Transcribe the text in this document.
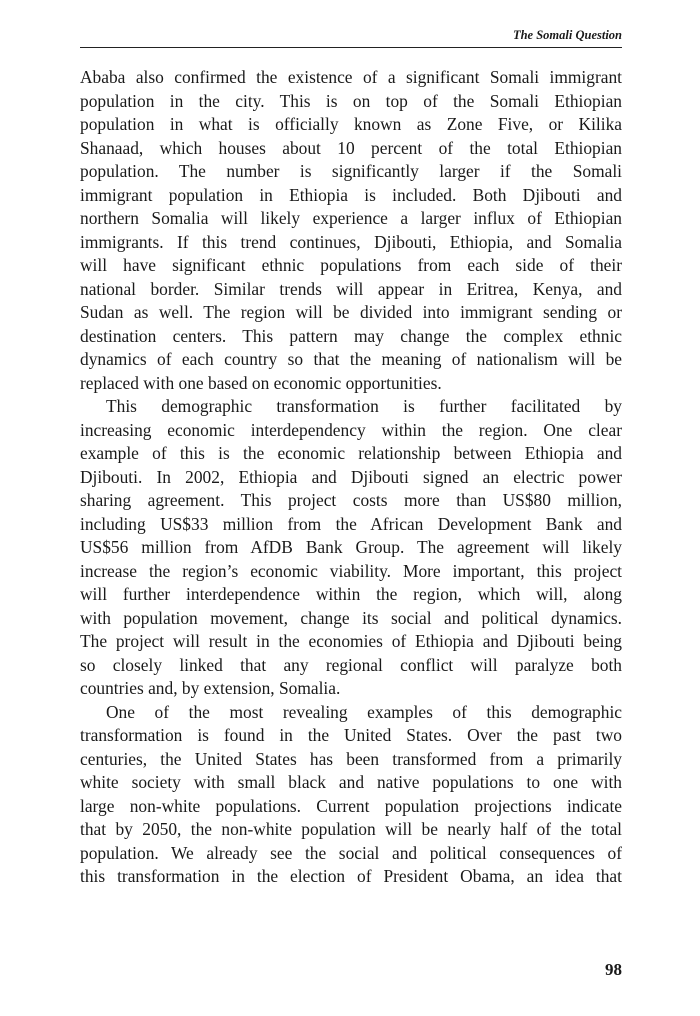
The Somali Question
Ababa also confirmed the existence of a significant Somali immigrant
population in the city. This is on top of the Somali Ethiopian
population in what is officially known as Zone Five, or Kilika
Shanaad, which houses about 10 percent of the total Ethiopian
population. The number is significantly larger if the Somali
immigrant population in Ethiopia is included. Both Djibouti and
northern Somalia will likely experience a larger influx of Ethiopian
immigrants. If this trend continues, Djibouti, Ethiopia, and Somalia
will have significant ethnic populations from each side of their
national border. Similar trends will appear in Eritrea, Kenya, and
Sudan as well. The region will be divided into immigrant sending or
destination centers. This pattern may change the complex ethnic
dynamics of each country so that the meaning of nationalism will be
replaced with one based on economic opportunities.
This demographic transformation is further facilitated by
increasing economic interdependency within the region. One clear
example of this is the economic relationship between Ethiopia and
Djibouti. In 2002, Ethiopia and Djibouti signed an electric power
sharing agreement. This project costs more than US$80 million,
including US$33 million from the African Development Bank and
US$56 million from AfDB Bank Group. The agreement will likely
increase the region’s economic viability. More important, this project
will further interdependence within the region, which will, along
with population movement, change its social and political dynamics.
The project will result in the economies of Ethiopia and Djibouti being
so closely linked that any regional conflict will paralyze both
countries and, by extension, Somalia.
One of the most revealing examples of this demographic
transformation is found in the United States. Over the past two
centuries, the United States has been transformed from a primarily
white society with small black and native populations to one with
large non-white populations. Current population projections indicate
that by 2050, the non-white population will be nearly half of the total
population. We already see the social and political consequences of
this transformation in the election of President Obama, an idea that
98
